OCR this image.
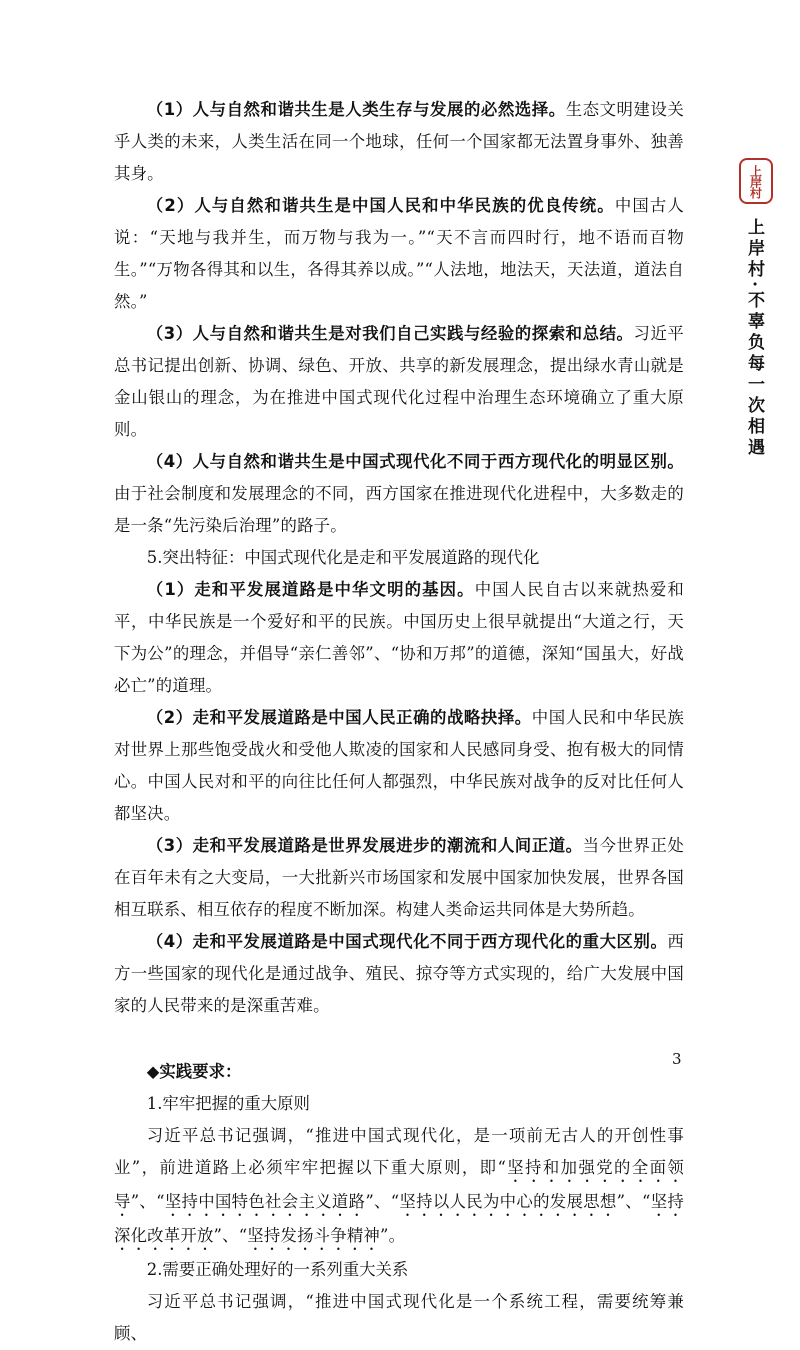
上岸村
上岸村·不辜负每一次相遇

（1）人与自然和谐共生是人类生存与发展的必然选择。生态文明建设关乎人类的未来，人类生活在同一个地球，任何一个国家都无法置身事外、独善其身。

（2）人与自然和谐共生是中国人民和中华民族的优良传统。中国古人说：“天地与我并生，而万物与我为一。”“天不言而四时行，地不语而百物生。”“万物各得其和以生，各得其养以成。”“人法地，地法天，天法道，道法自然。”

（3）人与自然和谐共生是对我们自己实践与经验的探索和总结。习近平总书记提出创新、协调、绿色、开放、共享的新发展理念，提出绿水青山就是金山银山的理念，为在推进中国式现代化过程中治理生态环境确立了重大原则。

（4）人与自然和谐共生是中国式现代化不同于西方现代化的明显区别。由于社会制度和发展理念的不同，西方国家在推进现代化进程中，大多数走的是一条“先污染后治理”的路子。

5.突出特征：中国式现代化是走和平发展道路的现代化

（1）走和平发展道路是中华文明的基因。中国人民自古以来就热爱和平，中华民族是一个爱好和平的民族。中国历史上很早就提出“大道之行，天下为公”的理念，并倡导“亲仁善邻”、“协和万邦”的道德，深知“国虽大，好战必亡”的道理。

（2）走和平发展道路是中国人民正确的战略抉择。中国人民和中华民族对世界上那些饱受战火和受他人欺凌的国家和人民感同身受、抱有极大的同情心。中国人民对和平的向往比任何人都强烈，中华民族对战争的反对比任何人都坚决。

（3）走和平发展道路是世界发展进步的潮流和人间正道。当今世界正处在百年未有之大变局，一大批新兴市场国家和发展中国家加快发展，世界各国相互联系、相互依存的程度不断加深。构建人类命运共同体是大势所趋。

（4）走和平发展道路是中国式现代化不同于西方现代化的重大区别。西方一些国家的现代化是通过战争、殖民、掠夺等方式实现的，给广大发展中国家的人民带来的是深重苦难。

◆实践要求：

1.牢牢把握的重大原则

习近平总书记强调，“推进中国式现代化，是一项前无古人的开创性事业”，前进道路上必须牢牢把握以下重大原则，即“坚持和加强党的全面领导”、“坚持中国特色社会主义道路”、“坚持以人民为中心的发展思想”、“坚持深化改革开放”、“坚持发扬斗争精神”。

2.需要正确处理好的一系列重大关系

习近平总书记强调，“推进中国式现代化是一个系统工程，需要统筹兼顾、

3
